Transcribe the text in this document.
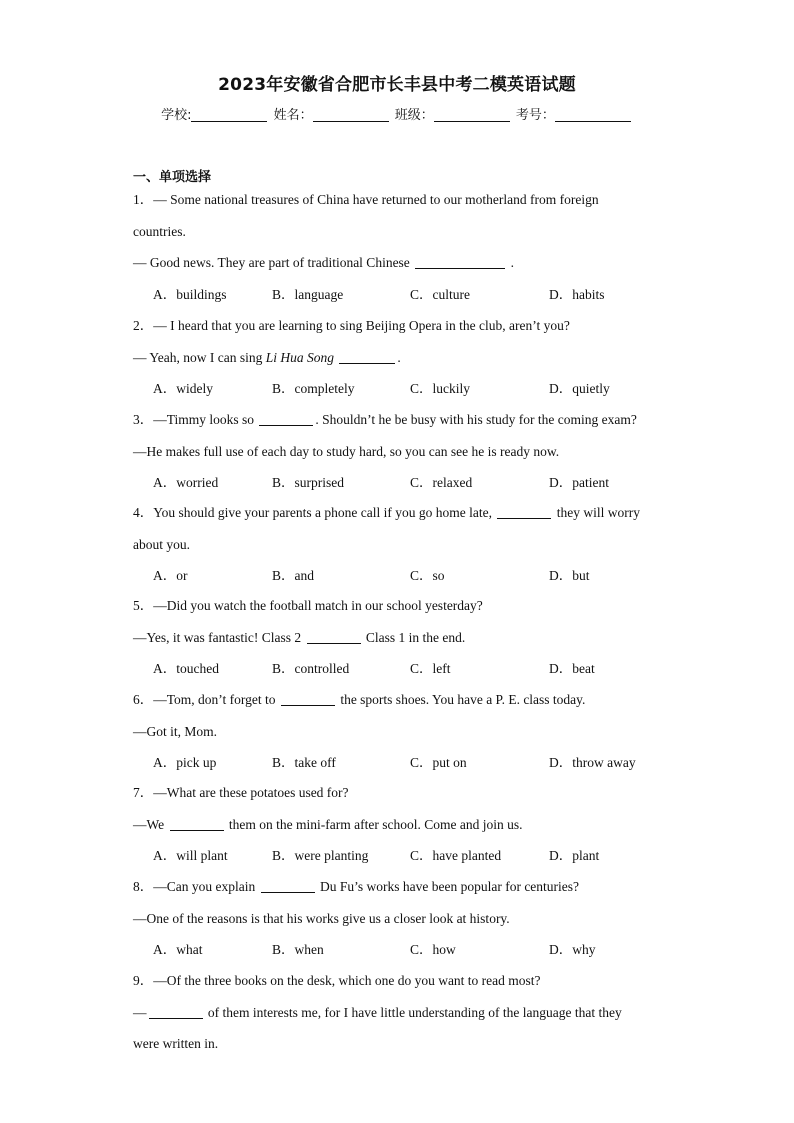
2023年安徽省合肥市长丰县中考二模英语试题
学校:	姓名：	班级：	考号：
一、单项选择

1．— Some national treasures of China have returned to our motherland from foreign

countries.

— Good news. They are part of traditional Chinese	.

A．buildings	B．language	C．culture	D．habits

2．— I heard that you are learning to sing Beijing Opera in the club, aren’t you?

— Yeah, now I can sing Li Hua Song	.

A．widely	B．completely	C．luckily	D．quietly

3．—Timmy looks so	. Shouldn’t he be busy with his study for the coming exam?

—He makes full use of each day to study hard, so you can see he is ready now.

A．worried	B．surprised	C．relaxed	D．patient

4．You should give your parents a phone call if you go home late,	they will worry

about you.

A．or	B．and	C．so	D．but

5．—Did you watch the football match in our school yesterday?

—Yes, it was fantastic! Class 2	Class 1 in the end.

A．touched	B．controlled	C．left	D．beat

6．—Tom, don’t forget to	the sports shoes. You have a P. E. class today.

—Got it, Mom.

A．pick up	B．take off	C．put on	D．throw away

7．—What are these potatoes used for?

—We	them on the mini-farm after school. Come and join us.

A．will plant	B．were planting	C．have planted	D．plant

8．—Can you explain	Du Fu’s works have been popular for centuries?

—One of the reasons is that his works give us a closer look at history.

A．what	B．when	C．how	D．why

9．—Of the three books on the desk, which one do you want to read most?

—	of them interests me, for I have little understanding of the language that they

were written in.
